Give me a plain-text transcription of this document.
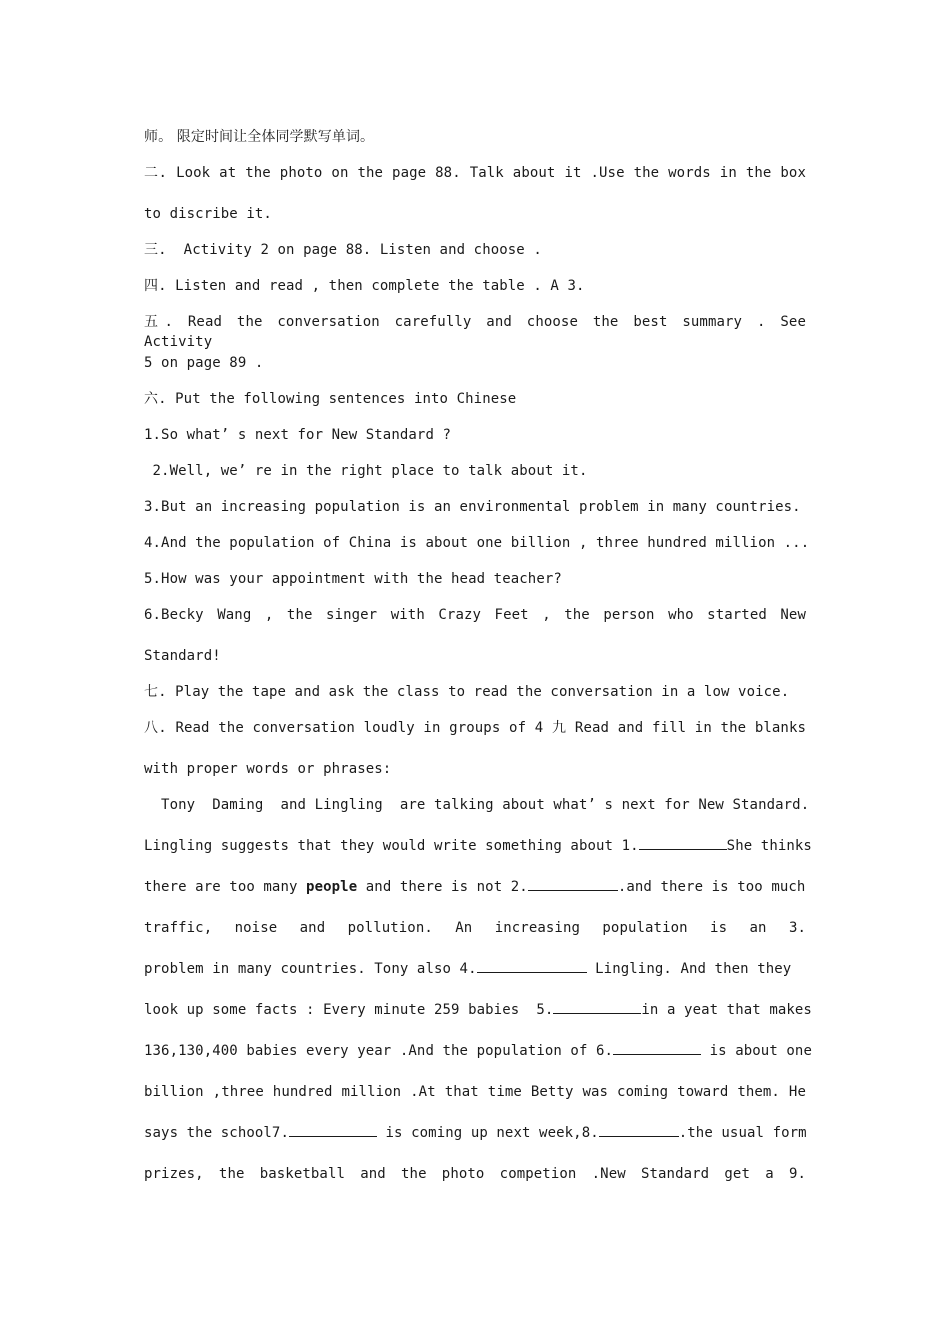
师。 限定时间让全体同学默写单词。
二. Look at the photo on the page 88. Talk about it .Use the words in the box
to discribe it.
三.  Activity 2 on page 88. Listen and choose .
四. Listen and read , then complete the table . A 3.
五. Read the conversation carefully and choose the best summary . See Activity
5 on page 89 .
六. Put the following sentences into Chinese
1.So what’ s next for New Standard ?
2.Well, we’ re in the right place to talk about it.
3.But an increasing population is an environmental problem in many countries.
4.And the population of China is about one billion , three hundred million ...
5.How was your appointment with the head teacher?
6.Becky Wang , the singer with Crazy Feet , the person who started New
Standard!
七. Play the tape and ask the class to read the conversation in a low voice.
八. Read the conversation loudly in groups of 4 九 Read and fill in the blanks
with proper words or phrases:
Tony  Daming  and Lingling  are talking about what’ s next for New Standard.
Lingling suggests that they would write something about 1.	She thinks
there are too many people and there is not 2.	.and there is too much
traffic, noise and pollution. An increasing population is an 3.
problem in many countries. Tony also 4.	Lingling. And then they
look up some facts : Every minute 259 babies  5.	in a yeat that makes
136,130,400 babies every year .And the population of 6.	is about one
billion ,three hundred million .At that time Betty was coming toward them. He
says the school7.	is coming up next week,8.	.the usual form
prizes, the basketball and the photo competion .New Standard get a 9.
